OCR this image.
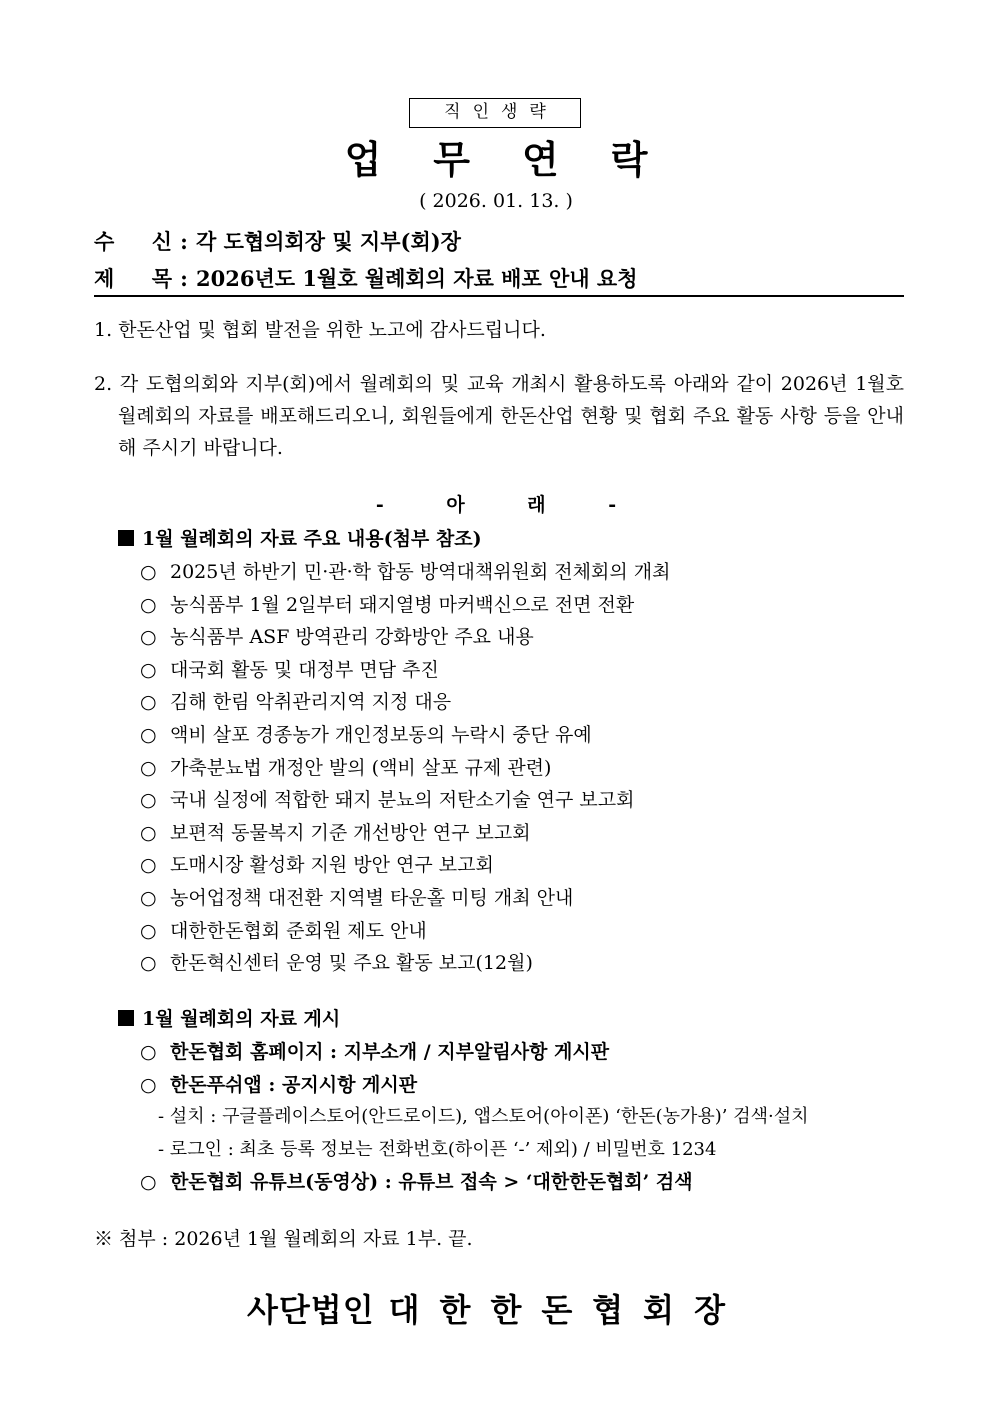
직인생략
업무연락
( 2026. 01. 13. )
수 신 : 각 도협의회장 및 지부(회)장
제 목 : 2026년도 1월호 월례회의 자료 배포 안내 요청
1. 한돈산업 및 협회 발전을 위한 노고에 감사드립니다.
2. 각 도협의회와 지부(회)에서 월례회의 및 교육 개최시 활용하도록 아래와 같이 2026년 1월호 월례회의 자료를 배포해드리오니, 회원들에게 한돈산업 현황 및 협회 주요 활동 사항 등을 안내해 주시기 바랍니다.
- 아 래 -
1월 월례회의 자료 주요 내용(첨부 참조)
○ 2025년 하반기 민·관·학 합동 방역대책위원회 전체회의 개최
○ 농식품부 1월 2일부터 돼지열병 마커백신으로 전면 전환
○ 농식품부 ASF 방역관리 강화방안 주요 내용
○ 대국회 활동 및 대정부 면담 추진
○ 김해 한림 악취관리지역 지정 대응
○ 액비 살포 경종농가 개인정보동의 누락시 중단 유예
○ 가축분뇨법 개정안 발의 (액비 살포 규제 관련)
○ 국내 실정에 적합한 돼지 분뇨의 저탄소기술 연구 보고회
○ 보편적 동물복지 기준 개선방안 연구 보고회
○ 도매시장 활성화 지원 방안 연구 보고회
○ 농어업정책 대전환 지역별 타운홀 미팅 개최 안내
○ 대한한돈협회 준회원 제도 안내
○ 한돈혁신센터 운영 및 주요 활동 보고(12월)
1월 월례회의 자료 게시
○ 한돈협회 홈페이지 : 지부소개 / 지부알림사항 게시판
○ 한돈푸쉬앱 : 공지시항 게시판
- 설치 : 구글플레이스토어(안드로이드), 앱스토어(아이폰) ‘한돈(농가용)’ 검색·설치
- 로그인 : 최초 등록 정보는 전화번호(하이픈 ‘-’ 제외) / 비밀번호 1234
○ 한돈협회 유튜브(동영상) : 유튜브 접속 > ‘대한한돈협회’ 검색
※ 첨부 : 2026년 1월 월례회의 자료 1부. 끝.
사단법인 대한한돈협회장
